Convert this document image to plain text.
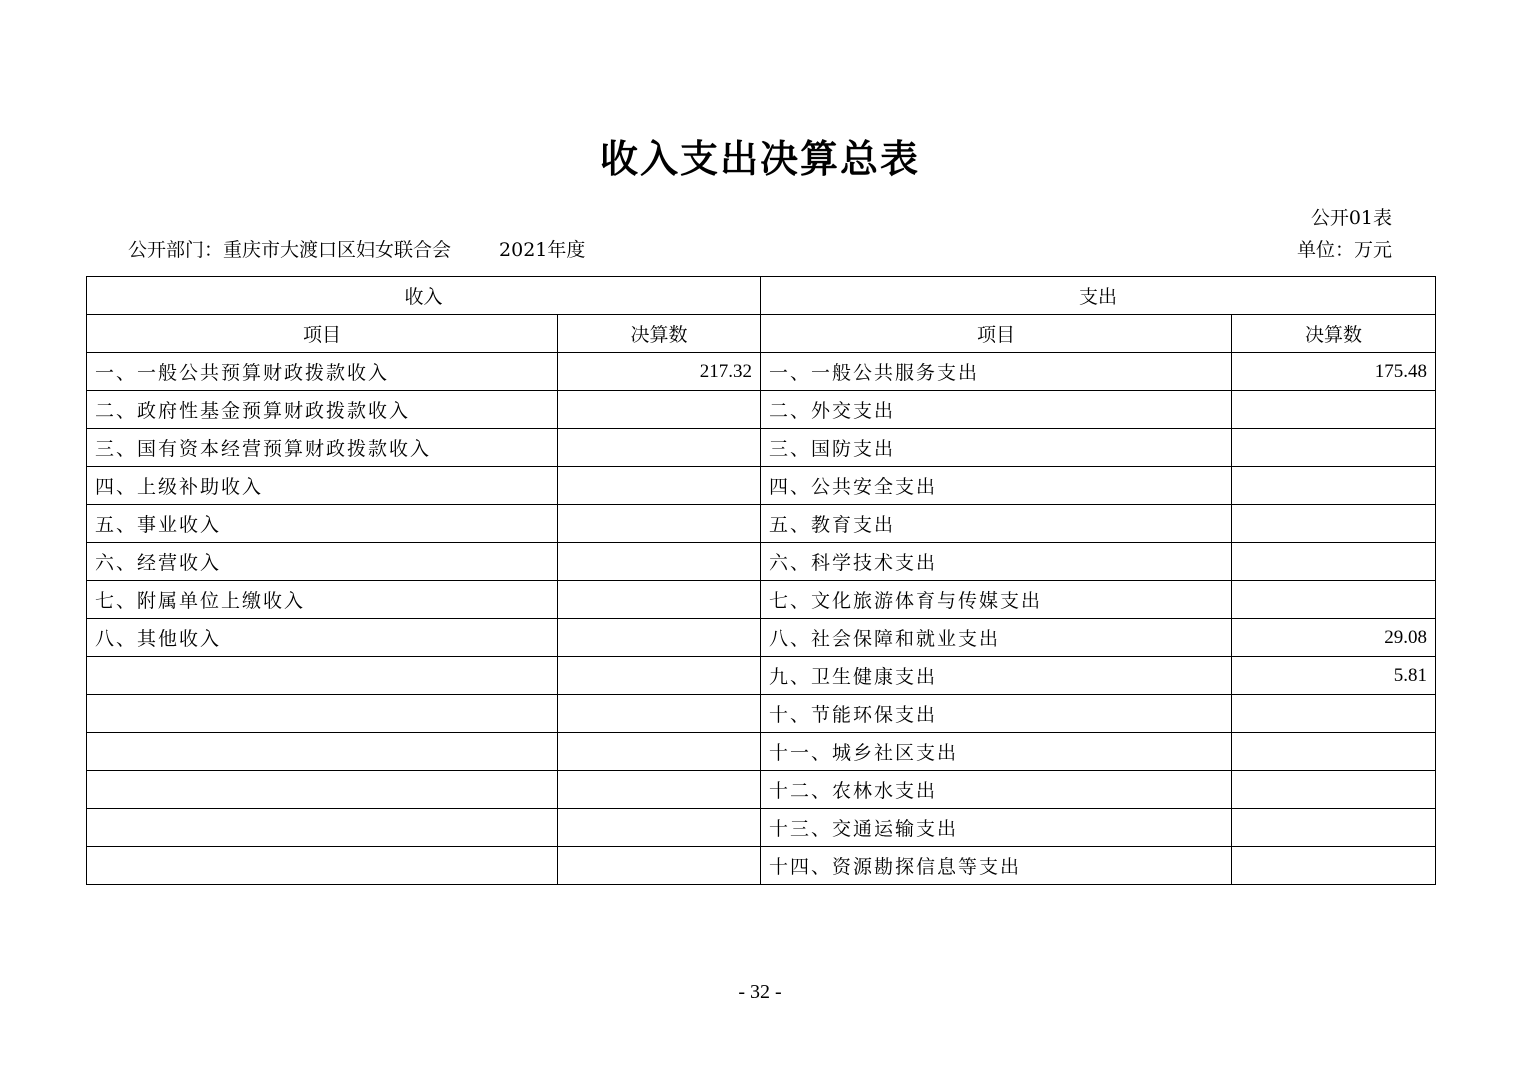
收入支出决算总表
公开01表
公开部门：重庆市大渡口区妇女联合会	2021年度	单位：万元
收入		支出	
项目	决算数	项目	决算数
一、一般公共预算财政拨款收入	217.32	一、一般公共服务支出	175.48
二、政府性基金预算财政拨款收入		二、外交支出	
三、国有资本经营预算财政拨款收入		三、国防支出	
四、上级补助收入		四、公共安全支出	
五、事业收入		五、教育支出	
六、经营收入		六、科学技术支出	
七、附属单位上缴收入		七、文化旅游体育与传媒支出	
八、其他收入		八、社会保障和就业支出	29.08
		九、卫生健康支出	5.81
		十、节能环保支出	
		十一、城乡社区支出	
		十二、农林水支出	
		十三、交通运输支出	
		十四、资源勘探信息等支出	
- 32 -
